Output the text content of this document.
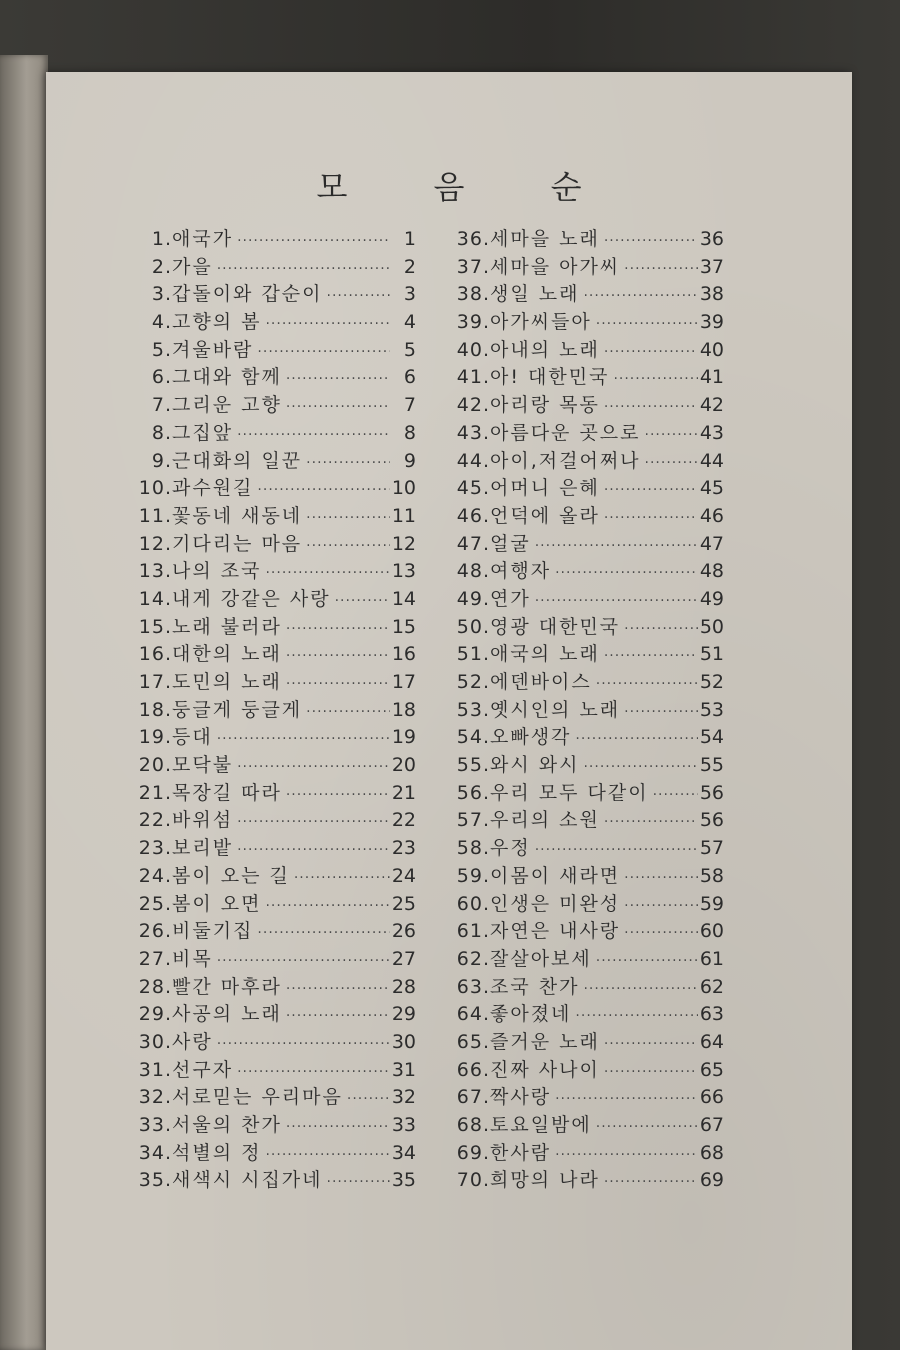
모 음 순
1. 애국가 ·····	1
2. 가을 ·····	2
3. 갑돌이와 갑순이 ·····	3
4. 고향의 봄 ·····	4
5. 겨울바람 ·····	5
6. 그대와 함께 ·····	6
7. 그리운 고향 ·····	7
8. 그집앞 ·····	8
9. 근대화의 일꾼 ·····	9
10. 과수원길 ·····	10
11. 꽃동네 새동네 ·····	11
12. 기다리는 마음 ·····	12
13. 나의 조국 ·····	13
14. 내게 강같은 사랑 ·····	14
15. 노래 불러라 ·····	15
16. 대한의 노래 ·····	16
17. 도민의 노래 ·····	17
18. 둥글게 둥글게 ·····	18
19. 등대 ·····	19
20. 모닥불 ·····	20
21. 목장길 따라 ·····	21
22. 바위섬 ·····	22
23. 보리밭 ·····	23
24. 봄이 오는 길 ·····	24
25. 봄이 오면 ·····	25
26. 비둘기집 ·····	26
27. 비목 ·····	27
28. 빨간 마후라 ·····	28
29. 사공의 노래 ·····	29
30. 사랑 ·····	30
31. 선구자 ·····	31
32. 서로믿는 우리마음 ·····	32
33. 서울의 찬가 ·····	33
34. 석별의 정 ·····	34
35. 새색시 시집가네 ·····	35
36. 세마을 노래 ·····	36
37. 세마을 아가씨 ·····	37
38. 생일 노래 ·····	38
39. 아가씨들아 ·····	39
40. 아내의 노래 ·····	40
41. 아! 대한민국 ·····	41
42. 아리랑 목동 ·····	42
43. 아름다운 곳으로 ·····	43
44. 아이,저걸어쩌나 ·····	44
45. 어머니 은혜 ·····	45
46. 언덕에 올라 ·····	46
47. 얼굴 ·····	47
48. 여행자 ·····	48
49. 연가 ·····	49
50. 영광 대한민국 ·····	50
51. 애국의 노래 ·····	51
52. 에덴바이스 ·····	52
53. 옛시인의 노래 ·····	53
54. 오빠생각 ·····	54
55. 와시 와시 ·····	55
56. 우리 모두 다같이 ·····	56
57. 우리의 소원 ·····	56
58. 우정 ·····	57
59. 이몸이 새라면 ·····	58
60. 인생은 미완성 ·····	59
61. 자연은 내사랑 ·····	60
62. 잘살아보세 ·····	61
63. 조국 찬가 ·····	62
64. 좋아졌네 ·····	63
65. 즐거운 노래 ·····	64
66. 진짜 사나이 ·····	65
67. 짝사랑 ·····	66
68. 토요일밤에 ·····	67
69. 한사람 ·····	68
70. 희망의 나라 ·····	69
